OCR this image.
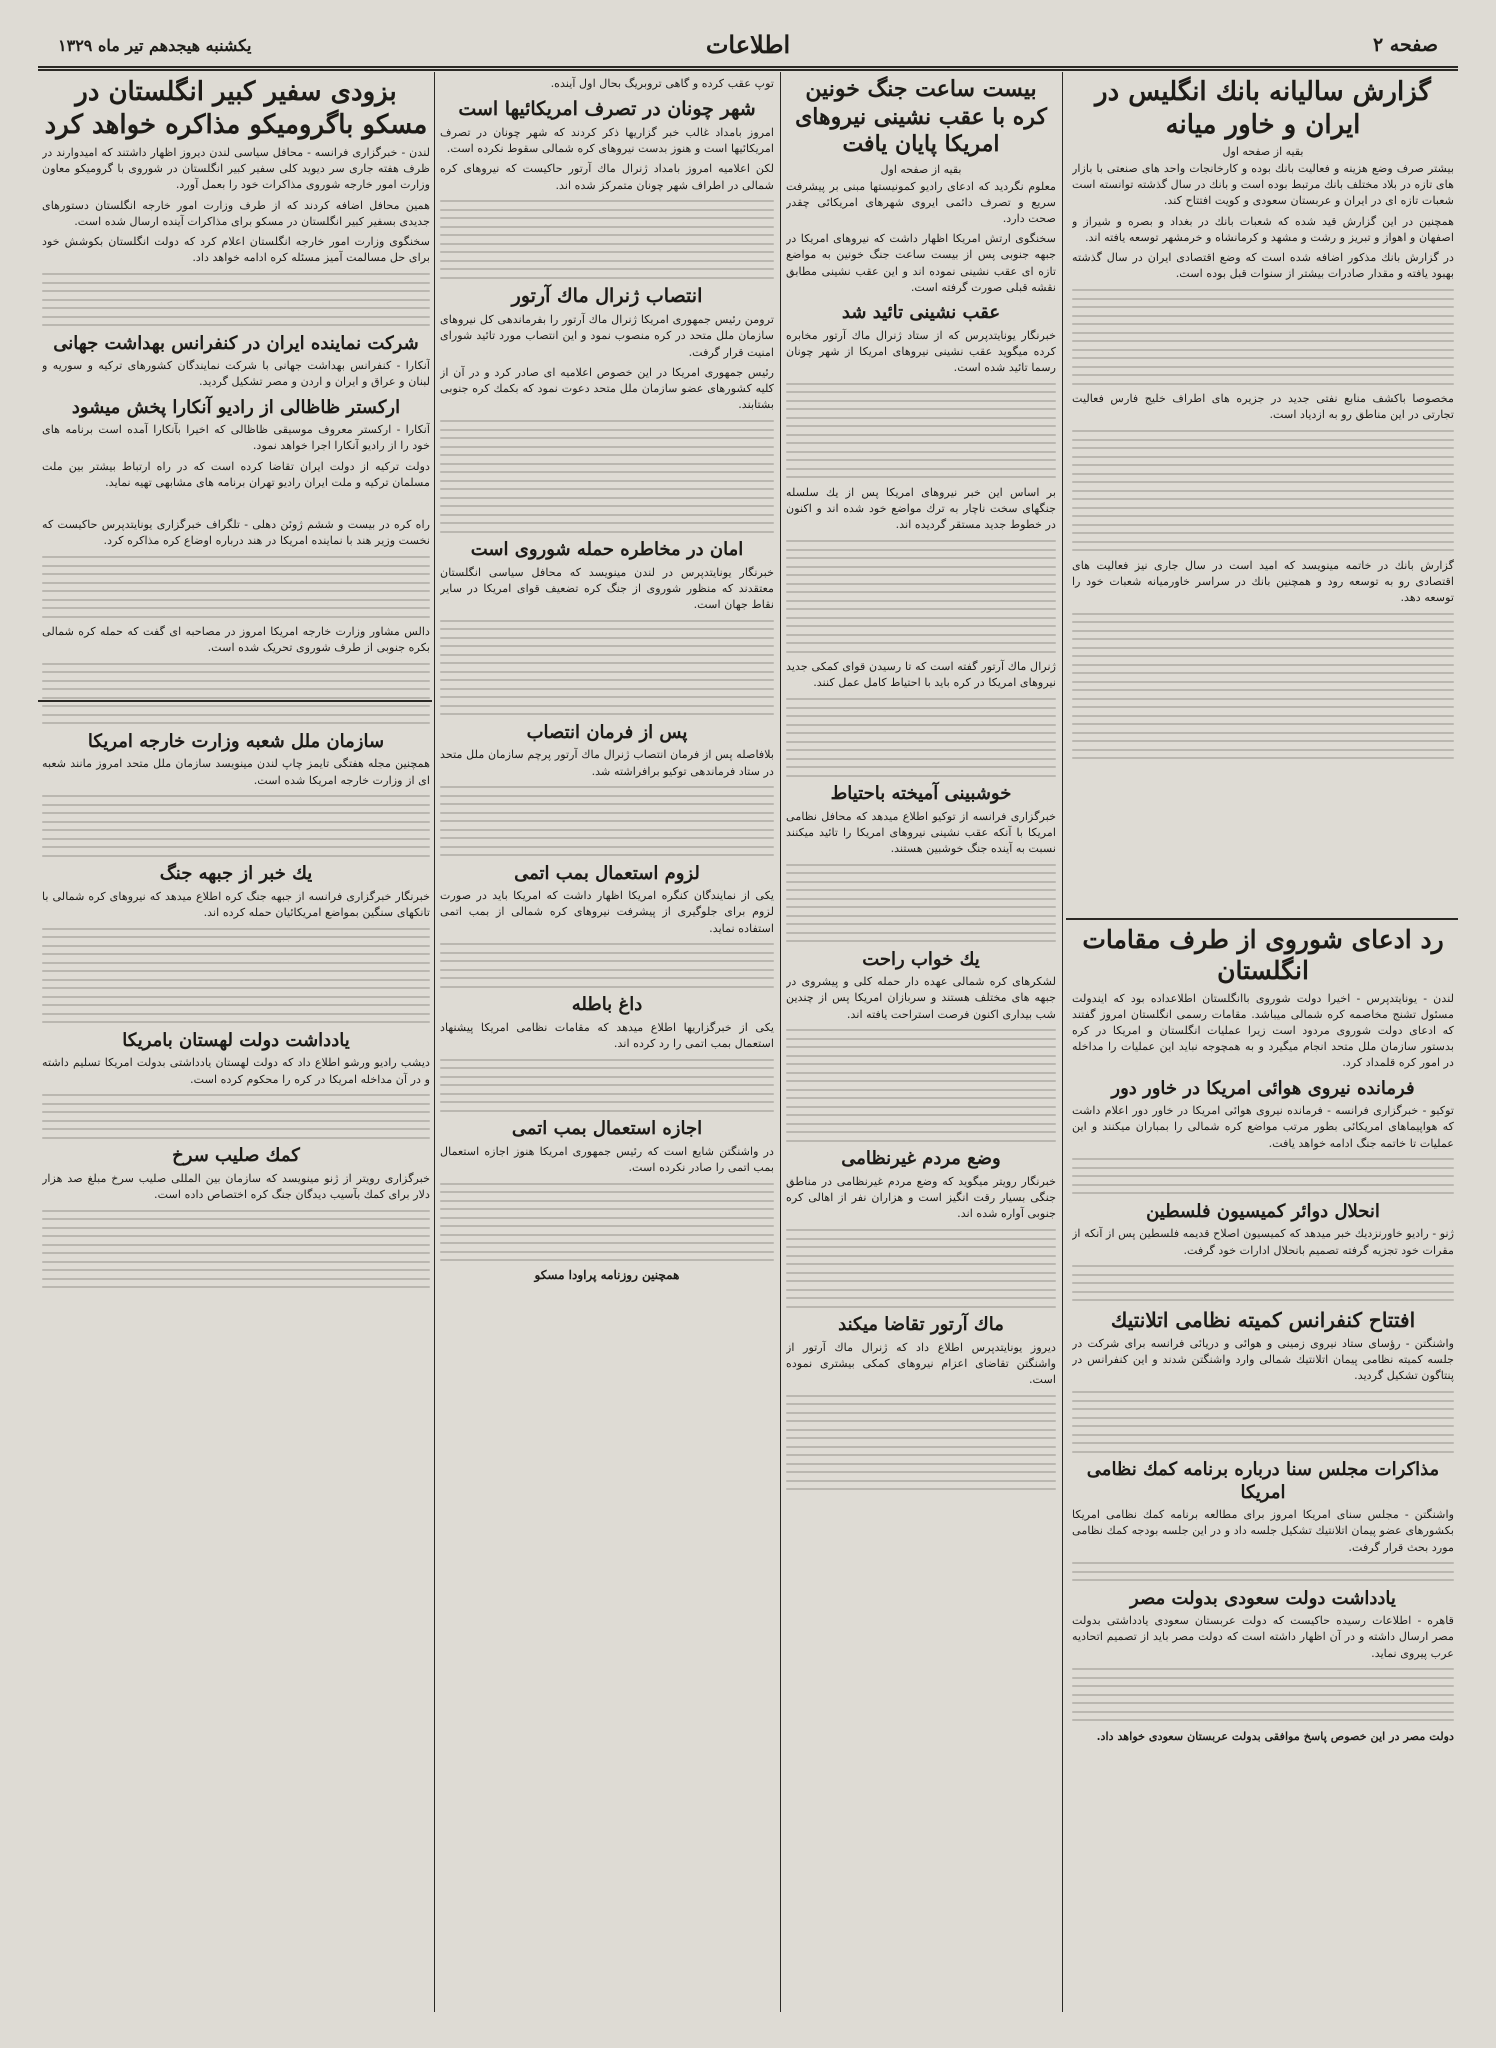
صفحه ۲
اطلاعات
یکشنبه هیجدهم تیر ماه ۱۳۲۹
گزارش سالیانه بانك انگلیس در ایران و خاور میانه
بقیه از صفحه اول

بیشتر صرف وضع هزینه و فعالیت بانك بوده و کارخانجات واحد های صنعتی با بازار های تازه در بلاد مختلف بانك مرتبط بوده است و بانك در سال گذشته توانسته است شعبات تازه ای در ایران و عربستان سعودی و کویت افتتاح کند.

همچنین در این گزارش قید شده که شعبات بانك در بغداد و بصره و شیراز و اصفهان و اهواز و تبریز و رشت و مشهد و کرمانشاه و خرمشهر توسعه یافته اند.

در گزارش بانك مذکور اضافه شده است که وضع اقتصادی ایران در سال گذشته بهبود یافته و مقدار صادرات بیشتر از سنوات قبل بوده است.

مخصوصا باکشف منابع نفتی جدید در جزیره های اطراف خلیج فارس فعالیت تجارتی در این مناطق رو به ازدیاد است.

گزارش بانك در خاتمه مینویسد که امید است در سال جاری نیز فعالیت های اقتصادی رو به توسعه رود و همچنین بانك در سراسر خاورمیانه شعبات خود را توسعه دهد.

رد ادعای شوروی از طرف مقامات انگلستان

لندن - یونایتدپرس - اخیرا دولت شوروی باانگلستان اطلاعداده بود که ایندولت مسئول تشنج مخاصمه کره شمالی میباشد. مقامات رسمی انگلستان امروز گفتند که ادعای دولت شوروی مردود است زیرا عملیات انگلستان و امریکا در کره بدستور سازمان ملل متحد انجام میگیرد و به همچوجه نباید این عملیات را مداخله در امور کره قلمداد کرد.

فرمانده نیروی هوائی امریکا در خاور دور

توکیو - خبرگزاری فرانسه - فرمانده نیروی هوائی امریکا در خاور دور اعلام داشت که هواپیماهای امریکائی بطور مرتب مواضع کره شمالی را بمباران میکنند و این عملیات تا خاتمه جنگ ادامه خواهد یافت.

انحلال دوائر کمیسیون فلسطین

ژنو - رادیو خاورنزدیك خبر میدهد که کمیسیون اصلاح قدیمه فلسطین پس از آنکه از مقرات خود تجزیه گرفته تصمیم بانحلال ادارات خود گرفت.

افتتاح کنفرانس کمیته نظامی اتلانتیك

واشنگتن - رؤسای ستاد نیروی زمینی و هوائی و دریائی فرانسه برای شرکت در جلسه کمیته نظامی پیمان اتلانتیك شمالی وارد واشنگتن شدند و این کنفرانس در پنتاگون تشکیل گردید.

مذاکرات مجلس سنا درباره برنامه کمك نظامی امریکا

واشنگتن - مجلس سنای امریکا امروز برای مطالعه برنامه کمك نظامی امریکا بکشورهای عضو پیمان اتلانتیك تشکیل جلسه داد و در این جلسه بودجه کمك نظامی مورد بحث قرار گرفت.

یادداشت دولت سعودی بدولت مصر

قاهره - اطلاعات رسیده حاکیست که دولت عربستان سعودی یادداشتی بدولت مصر ارسال داشته و در آن اظهار داشته است که دولت مصر باید از تصمیم اتحادیه عرب پیروی نماید.

دولت مصر در این خصوص پاسخ موافقی بدولت عربستان سعودی خواهد داد.

بیست ساعت جنگ خونین کره با عقب نشینی نیروهای امریکا پایان یافت
بقیه از صفحه اول

معلوم نگردید که ادعای رادیو کمونیستها مبنی بر پیشرفت سریع و تصرف دائمی ایروی شهرهای امریکائی چقدر صحت دارد.

سخنگوی ارتش امریکا اظهار داشت که نیروهای امریکا در جبهه جنوبی پس از بیست ساعت جنگ خونین به مواضع تازه ای عقب نشینی نموده اند و این عقب نشینی مطابق نقشه قبلی صورت گرفته است.

عقب نشینی تائید شد

خبرنگار یونایتدپرس که از ستاد ژنرال ماك آرتور مخابره کرده میگوید عقب نشینی نیروهای امریکا از شهر چونان رسما تائید شده است.

بر اساس این خبر نیروهای امریکا پس از یك سلسله جنگهای سخت ناچار به ترك مواضع خود شده اند و اکنون در خطوط جدید مستقر گردیده اند.

ژنرال ماك آرتور گفته است که تا رسیدن قوای کمکی جدید نیروهای امریکا در کره باید با احتیاط کامل عمل کنند.

خوشبینی آمیخته باحتیاط

خبرگزاری فرانسه از توکیو اطلاع میدهد که محافل نظامی امریکا با آنکه عقب نشینی نیروهای امریکا را تائید میکنند نسبت به آینده جنگ خوشبین هستند.

یك خواب راحت

لشکرهای کره شمالی عهده دار حمله کلی و پیشروی در جبهه های مختلف هستند و سربازان امریکا پس از چندین شب بیداری اکنون فرصت استراحت یافته اند.

وضع مردم غیرنظامی

خبرنگار رویتر میگوید که وضع مردم غیرنظامی در مناطق جنگی بسیار رقت انگیز است و هزاران نفر از اهالی کره جنوبی آواره شده اند.

ماك آرتور تقاضا میکند

دیروز یونایتدپرس اطلاع داد که ژنرال ماك آرتور از واشنگتن تقاضای اعزام نیروهای کمکی بیشتری نموده است.

توپ عقب کرده و گاهی تروبریگ بحال اول آینده.

شهر چونان در تصرف امریکائیها است

امروز بامداد غالب خبر گزاریها ذکر کردند که شهر چونان در تصرف امریکائیها است و هنوز بدست نیروهای کره شمالی سقوط نکرده است.

لکن اعلامیه امروز بامداد ژنرال ماك آرتور حاکیست که نیروهای کره شمالی در اطراف شهر چونان متمرکز شده اند.

انتصاب ژنرال ماك آرتور

ترومن رئیس جمهوری امریکا ژنرال ماك آرتور را بفرماندهی کل نیروهای سازمان ملل متحد در کره منصوب نمود و این انتصاب مورد تائید شورای امنیت قرار گرفت.

رئیس جمهوری امریکا در این خصوص اعلامیه ای صادر کرد و در آن از کلیه کشورهای عضو سازمان ملل متحد دعوت نمود که بکمك کره جنوبی بشتابند.

امان در مخاطره حمله شوروی است

خبرنگار یونایتدپرس در لندن مینویسد که محافل سیاسی انگلستان معتقدند که منظور شوروی از جنگ کره تضعیف قوای امریکا در سایر نقاط جهان است.

پس از فرمان انتصاب

بلافاصله پس از فرمان انتصاب ژنرال ماك آرتور پرچم سازمان ملل متحد در ستاد فرماندهی توکیو برافراشته شد.

لزوم استعمال بمب اتمی

یکی از نمایندگان کنگره امریکا اظهار داشت که امریکا باید در صورت لزوم برای جلوگیری از پیشرفت نیروهای کره شمالی از بمب اتمی استفاده نماید.

داغ باطله

یکی از خبرگزاریها اطلاع میدهد که مقامات نظامی امریکا پیشنهاد استعمال بمب اتمی را رد کرده اند.

اجازه استعمال بمب اتمی

در واشنگتن شایع است که رئیس جمهوری امریکا هنوز اجازه استعمال بمب اتمی را صادر نکرده است.

همچنین روزنامه پراودا مسکو
بزودی سفیر کبیر انگلستان در مسکو باگرومیکو مذاکره خواهد کرد

لندن - خبرگزاری فرانسه - محافل سیاسی لندن دیروز اظهار داشتند که امیدوارند در ظرف هفته جاری سر دیوید کلی سفیر کبیر انگلستان در شوروی با گرومیکو معاون وزارت امور خارجه شوروی مذاکرات خود را بعمل آورد.

همین محافل اضافه کردند که از طرف وزارت امور خارجه انگلستان دستورهای جدیدی بسفیر کبیر انگلستان در مسکو برای مذاکرات آینده ارسال شده است.

سخنگوی وزارت امور خارجه انگلستان اعلام کرد که دولت انگلستان بکوشش خود برای حل مسالمت آمیز مسئله کره ادامه خواهد داد.

شرکت نماینده ایران در کنفرانس بهداشت جهانی

آنکارا - کنفرانس بهداشت جهانی با شرکت نمایندگان کشورهای ترکیه و سوریه و لبنان و عراق و ایران و اردن و مصر تشکیل گردید.

ارکستر ظاظالی از رادیو آنکارا پخش میشود

آنکارا - ارکستر معروف موسیقی ظاظالی که اخیرا بآنکارا آمده است برنامه های خود را از رادیو آنکارا اجرا خواهد نمود.

دولت ترکیه از دولت ایران تقاضا کرده است که در راه ارتباط بیشتر بین ملت مسلمان ترکیه و ملت ایران رادیو تهران برنامه های مشابهی تهیه نماید.

راه کره در بیست و ششم ژوئن دهلی - تلگراف خبرگزاری یونایتدپرس حاکیست که نخست وزیر هند با نماینده امریکا در هند درباره اوضاع کره مذاکره کرد.

دالس مشاور وزارت خارجه امریکا امروز در مصاحبه ای گفت که حمله کره شمالی بکره جنوبی از طرف شوروی تحریک شده است.

سازمان ملل شعبه وزارت خارجه امریکا

همچنین مجله هفتگی تایمز چاپ لندن مینویسد سازمان ملل متحد امروز مانند شعبه ای از وزارت خارجه امریکا شده است.

یك خبر از جبهه جنگ

خبرنگار خبرگزاری فرانسه از جبهه جنگ کره اطلاع میدهد که نیروهای کره شمالی با تانکهای سنگین بمواضع امریکائیان حمله کرده اند.

یادداشت دولت لهستان بامریکا

دیشب رادیو ورشو اطلاع داد که دولت لهستان یادداشتی بدولت امریکا تسلیم داشته و در آن مداخله امریکا در کره را محکوم کرده است.

کمك صلیب سرخ

خبرگزاری رویتر از ژنو مینویسد که سازمان بین المللی صلیب سرخ مبلغ صد هزار دلار برای کمك بآسیب دیدگان جنگ کره اختصاص داده است.
